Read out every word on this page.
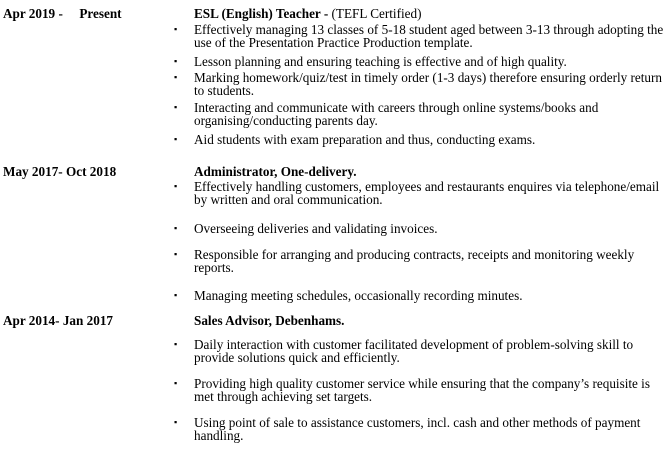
Apr 2019 -     Present	ESL (English) Teacher - (TEFL Certified)
▪ Effectively managing 13 classes of 5-18 student aged between 3-13 through adopting the use of the Presentation Practice Production template.
▪ Lesson planning and ensuring teaching is effective and of high quality.
▪ Marking homework/quiz/test in timely order (1-3 days) therefore ensuring orderly return to students.
▪ Interacting and communicate with careers through online systems/books and organising/conducting parents day.
▪ Aid students with exam preparation and thus, conducting exams.
May 2017- Oct 2018	Administrator, One-delivery.
▪ Effectively handling customers, employees and restaurants enquires via telephone/email by written and oral communication.
▪ Overseeing deliveries and validating invoices.
▪ Responsible for arranging and producing contracts, receipts and monitoring weekly reports.
▪ Managing meeting schedules, occasionally recording minutes.
Apr 2014- Jan 2017	Sales Advisor, Debenhams.
▪ Daily interaction with customer facilitated development of problem-solving skill to provide solutions quick and efficiently.
▪ Providing high quality customer service while ensuring that the company’s requisite is met through achieving set targets.
▪ Using point of sale to assistance customers, incl. cash and other methods of payment handling.
